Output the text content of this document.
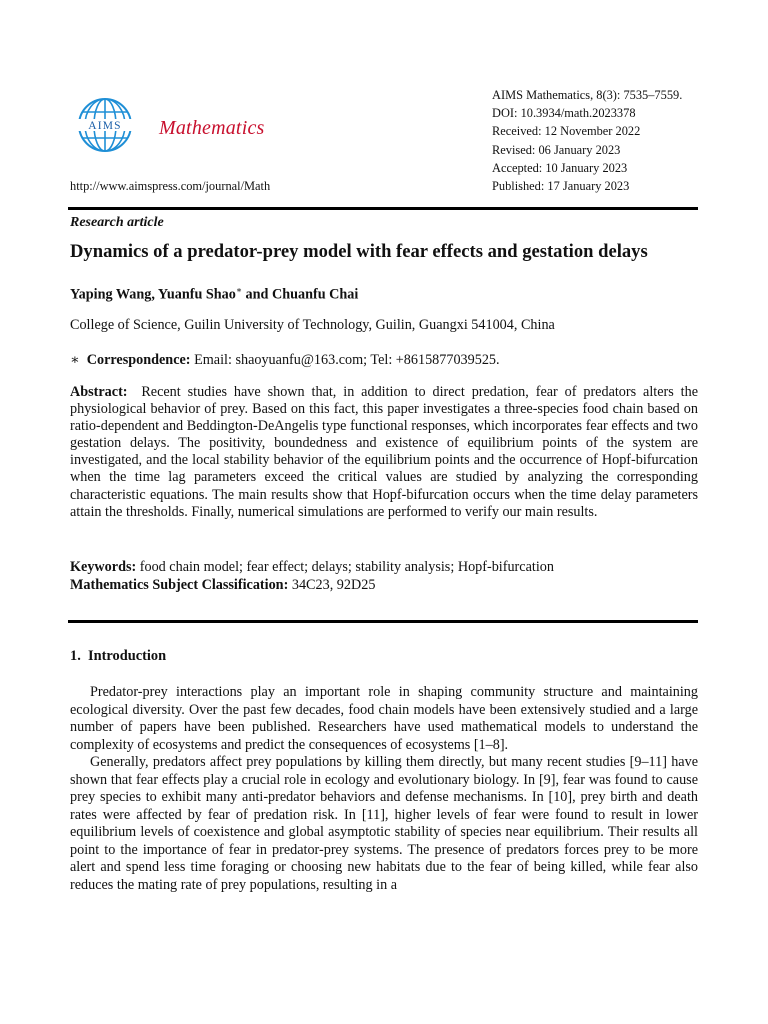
AIMS Mathematics
http://www.aimspress.com/journal/Math
AIMS Mathematics, 8(3): 7535–7559.
DOI: 10.3934/math.2023378
Received: 12 November 2022
Revised: 06 January 2023
Accepted: 10 January 2023
Published: 17 January 2023
Research article
Dynamics of a predator-prey model with fear effects and gestation delays
Yaping Wang, Yuanfu Shao∗ and Chuanfu Chai
College of Science, Guilin University of Technology, Guilin, Guangxi 541004, China
∗ Correspondence: Email: shaoyuanfu@163.com; Tel: +8615877039525.
Abstract: Recent studies have shown that, in addition to direct predation, fear of predators alters the physiological behavior of prey. Based on this fact, this paper investigates a three-species food chain based on ratio-dependent and Beddington-DeAngelis type functional responses, which incorporates fear effects and two gestation delays. The positivity, boundedness and existence of equilibrium points of the system are investigated, and the local stability behavior of the equilibrium points and the occurrence of Hopf-bifurcation when the time lag parameters exceed the critical values are studied by analyzing the corresponding characteristic equations. The main results show that Hopf-bifurcation occurs when the time delay parameters attain the thresholds. Finally, numerical simulations are performed to verify our main results.
Keywords: food chain model; fear effect; delays; stability analysis; Hopf-bifurcation
Mathematics Subject Classification: 34C23, 92D25
1.  Introduction

Predator-prey interactions play an important role in shaping community structure and maintaining ecological diversity. Over the past few decades, food chain models have been extensively studied and a large number of papers have been published. Researchers have used mathematical models to understand the complexity of ecosystems and predict the consequences of ecosystems [1–8].

Generally, predators affect prey populations by killing them directly, but many recent studies [9–11] have shown that fear effects play a crucial role in ecology and evolutionary biology. In [9], fear was found to cause prey species to exhibit many anti-predator behaviors and defense mechanisms. In [10], prey birth and death rates were affected by fear of predation risk. In [11], higher levels of fear were found to result in lower equilibrium levels of coexistence and global asymptotic stability of species near equilibrium. Their results all point to the importance of fear in predator-prey systems. The presence of predators forces prey to be more alert and spend less time foraging or choosing new habitats due to the fear of being killed, while fear also reduces the mating rate of prey populations, resulting in a
